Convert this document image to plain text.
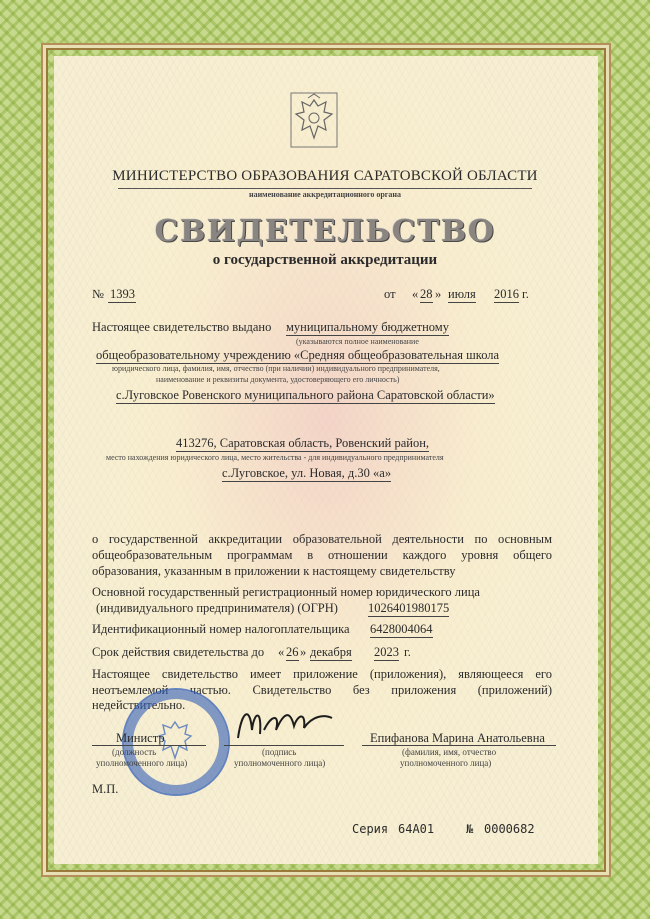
МИНИСТЕРСТВО ОБРАЗОВАНИЯ САРАТОВСКОЙ ОБЛАСТИ
наименование аккредитационного органа
СВИДЕТЕЛЬСТВО
о государственной аккредитации
№ 1393	от « 28 » июля 2016 г.
Настоящее свидетельство выдано муниципальному бюджетному
(указываются полное наименование
общеобразовательному учреждению «Средняя общеобразовательная школа
юридического лица, фамилия, имя, отчество (при наличии) индивидуального предпринимателя,
наименование и реквизиты документа, удостоверяющего его личность)
с.Луговское Ровенского муниципального района Саратовской области»
413276, Саратовская область, Ровенский район,
место нахождения юридического лица, место жительства - для индивидуального предпринимателя
с.Луговское, ул. Новая, д.30 «а»
о государственной аккредитации образовательной деятельности по основным
общеобразовательным программам в отношении каждого уровня общего
образования, указанным в приложении к настоящему свидетельству
Основной государственный регистрационный номер юридического лица
(индивидуального предпринимателя) (ОГРН) 1026401980175
Идентификационный номер налогоплательщика 6428004064
Срок действия свидетельства до « 26 » декабря 2023 г.
Настоящее свидетельство имеет приложение (приложения), являющееся его
неотъемлемой частью. Свидетельство без приложения (приложений)
недействительно.
Министр
(должность
уполномоченного лица)
(подпись
уполномоченного лица)
Епифанова Марина Анатольевна
(фамилия, имя, отчество
уполномоченного лица)
М.П.
Серия 64А01	№ 0000682
